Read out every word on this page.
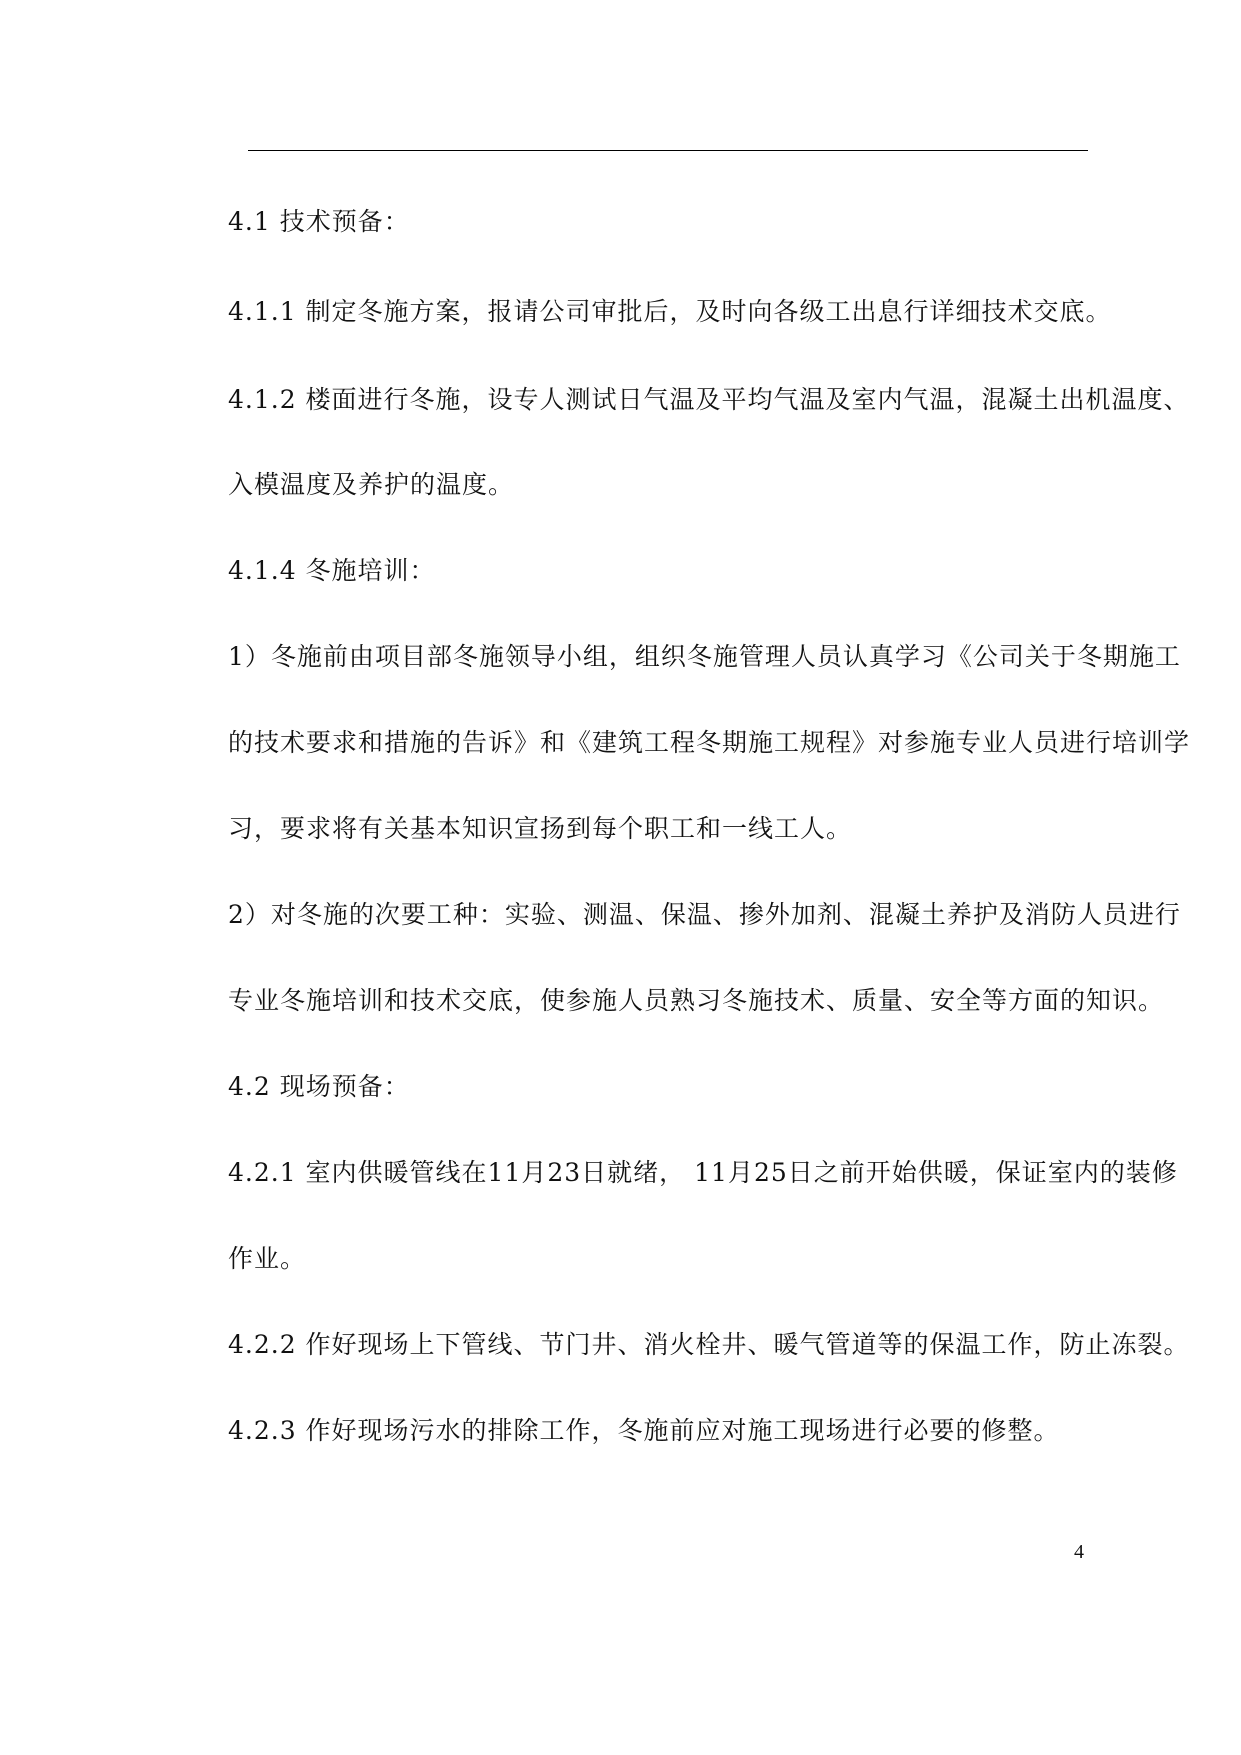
4.1 技术预备：
4.1.1 制定冬施方案，报请公司审批后，及时向各级工出息行详细技术交底。
4.1.2 楼面进行冬施，设专人测试日气温及平均气温及室内气温，混凝土出机温度、
入模温度及养护的温度。
4.1.4 冬施培训：
1）冬施前由项目部冬施领导小组，组织冬施管理人员认真学习《公司关于冬期施工
的技术要求和措施的告诉》和《建筑工程冬期施工规程》对参施专业人员进行培训学
习，要求将有关基本知识宣扬到每个职工和一线工人。
2）对冬施的次要工种：实验、测温、保温、掺外加剂、混凝土养护及消防人员进行
专业冬施培训和技术交底，使参施人员熟习冬施技术、质量、安全等方面的知识。
4.2 现场预备：
4.2.1 室内供暖管线在11月23日就绪， 11月25日之前开始供暖，保证室内的装修
作业。
4.2.2 作好现场上下管线、节门井、消火栓井、暖气管道等的保温工作，防止冻裂。
4.2.3 作好现场污水的排除工作，冬施前应对施工现场进行必要的修整。
4
